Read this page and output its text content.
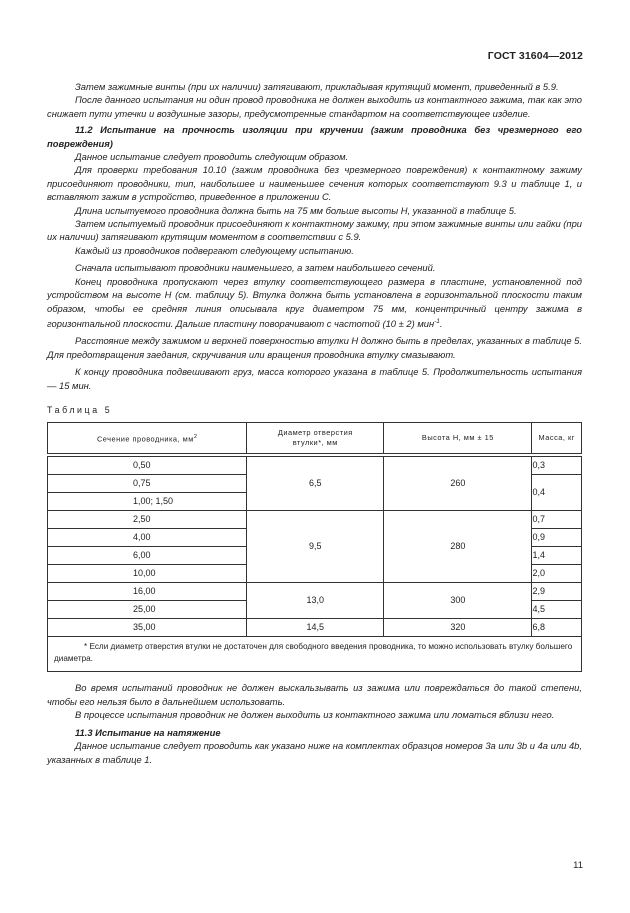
ГОСТ 31604—2012

Затем зажимные винты (при их наличии) затягивают, прикладывая крутящий момент, приведенный в 5.9.

После данного испытания ни один провод проводника не должен выходить из контактного зажима, так как это снижает пути утечки и воздушные зазоры, предусмотренные стандартом на соответствующее изделие.

11.2 Испытание на прочность изоляции при кручении (зажим проводника без чрезмерного его повреждения)

Данное испытание следует проводить следующим образом.

Для проверки требования 10.10 (зажим проводника без чрезмерного повреждения) к контактному зажиму присоединяют проводники, тип, наибольшее и наименьшее сечения которых соответствуют 9.3 и таблице 1, и вставляют зажим в устройство, приведенное в приложении С.

Длина испытуемого проводника должна быть на 75 мм больше высоты Н, указанной в таблице 5.

Затем испытуемый проводник присоединяют к контактному зажиму, при этом зажимные винты или гайки (при их наличии) затягивают крутящим моментом в соответствии с 5.9.

Каждый из проводников подвергают следующему испытанию.

Сначала испытывают проводники наименьшего, а затем наибольшего сечений.

Конец проводника пропускают через втулку соответствующего размера в пластине, установленной под устройством на высоте Н (см. таблицу 5). Втулка должна быть установлена в горизонтальной плоскости таким образом, чтобы ее средняя линия описывала круг диаметром 75 мм, концентричный центру зажима в горизонтальной плоскости. Дальше пластину поворачивают с частотой (10 ± 2) мин$^{-1}$.

Расстояние между зажимом и верхней поверхностью втулки Н должно быть в пределах, указанных в таблице 5. Для предотвращения заедания, скручивания или вращения проводника втулку смазывают.

К концу проводника подвешивают груз, масса которого указана в таблице 5. Продолжительность испытания — 15 мин.

Таблица 5

Сечение проводника, $мм^2$	Диаметр отверстия втулки*, мм	Высота Н, мм ± 15	Масса, кг

0,50	6,5	260	0,3
0,75			0,4
1,00; 1,50			
2,50	9,5	280	0,7
4,00			0,9
6,00			1,4
10,00			2,0
16,00	13,0	300	2,9
25,00			4,5
35,00	14,5	320	6,8

* Если диаметр отверстия втулки не достаточен для свободного введения проводника, то можно использовать втулку большего диаметра.			

Во время испытаний проводник не должен выскальзывать из зажима или повреждаться до такой степени, чтобы его нельзя было в дальнейшем использовать.

В процессе испытания проводник не должен выходить из контактного зажима или ломаться вблизи него.

11.3 Испытание на натяжение

Данное испытание следует проводить как указано ниже на комплектах образцов номеров 3а или 3b и 4а или 4b, указанных в таблице 1.

11
